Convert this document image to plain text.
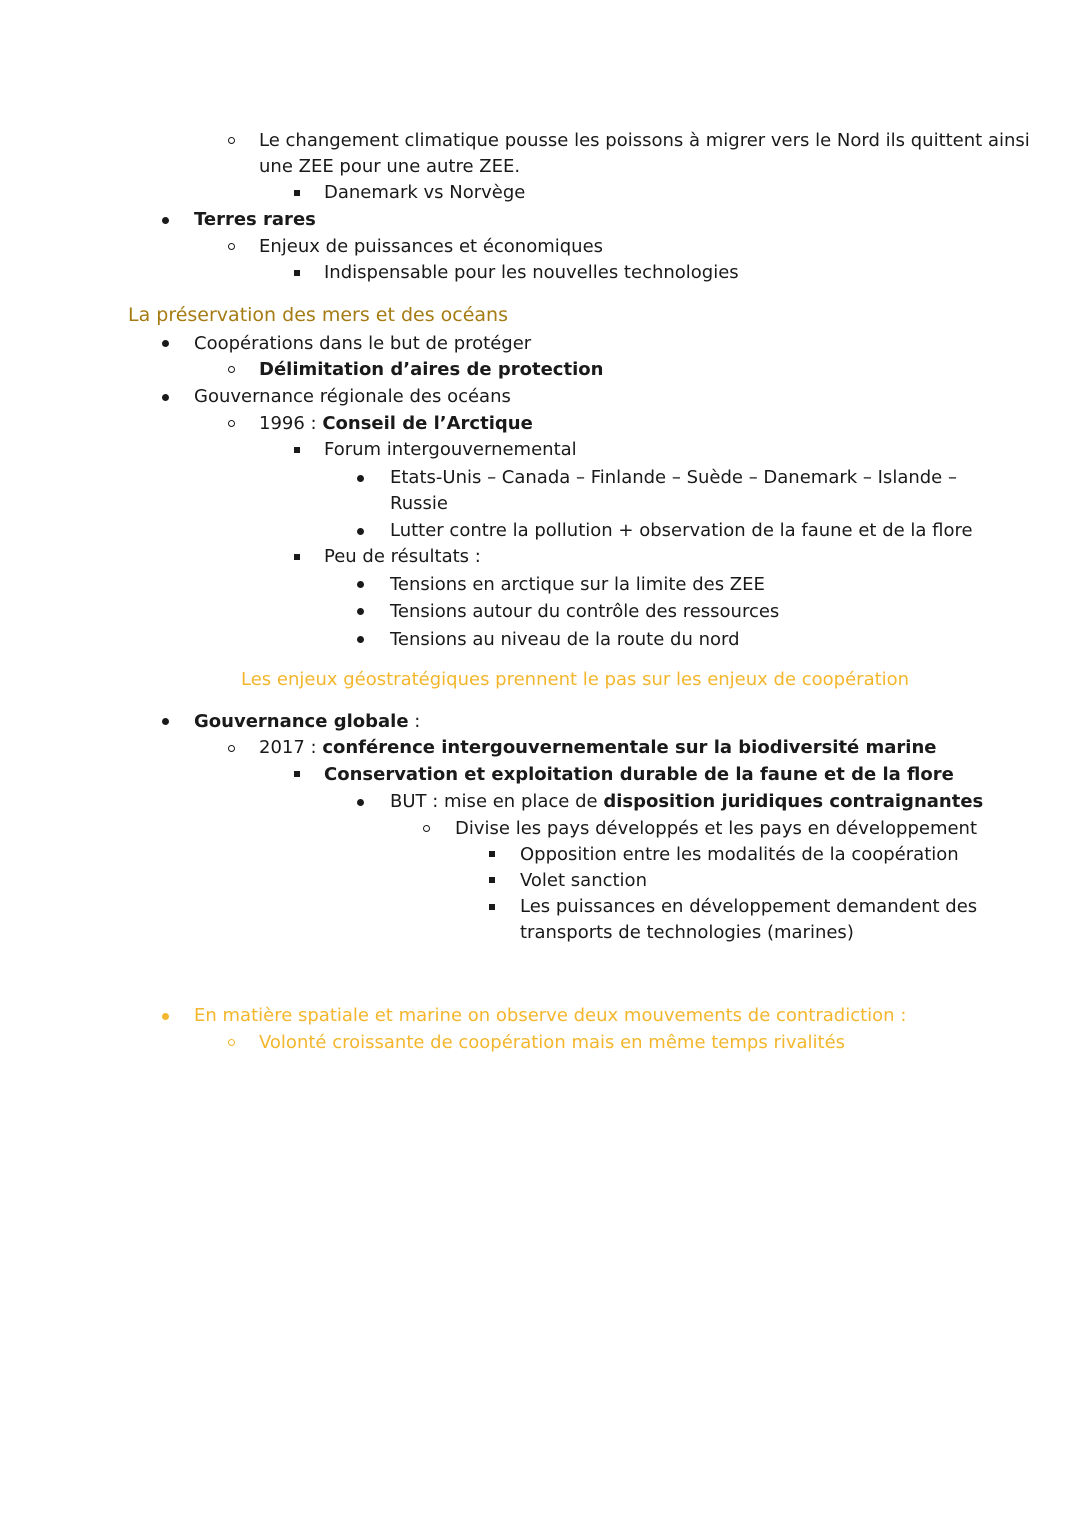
Le changement climatique pousse les poissons à migrer vers le Nord ils quittent ainsi
une ZEE pour une autre ZEE.
Danemark vs Norvège
Terres rares
Enjeux de puissances et économiques
Indispensable pour les nouvelles technologies
La préservation des mers et des océans
Coopérations dans le but de protéger
Délimitation d’aires de protection
Gouvernance régionale des océans
1996 : Conseil de l’Arctique
Forum intergouvernemental
Etats-Unis – Canada – Finlande – Suède – Danemark – Islande –
Russie
Lutter contre la pollution + observation de la faune et de la flore
Peu de résultats :
Tensions en arctique sur la limite des ZEE
Tensions autour du contrôle des ressources
Tensions au niveau de la route du nord
Les enjeux géostratégiques prennent le pas sur les enjeux de coopération
Gouvernance globale :
2017 : conférence intergouvernementale sur la biodiversité marine
Conservation et exploitation durable de la faune et de la flore
BUT : mise en place de disposition juridiques contraignantes
Divise les pays développés et les pays en développement
Opposition entre les modalités de la coopération
Volet sanction
Les puissances en développement demandent des
transports de technologies (marines)
En matière spatiale et marine on observe deux mouvements de contradiction :
Volonté croissante de coopération mais en même temps rivalités
